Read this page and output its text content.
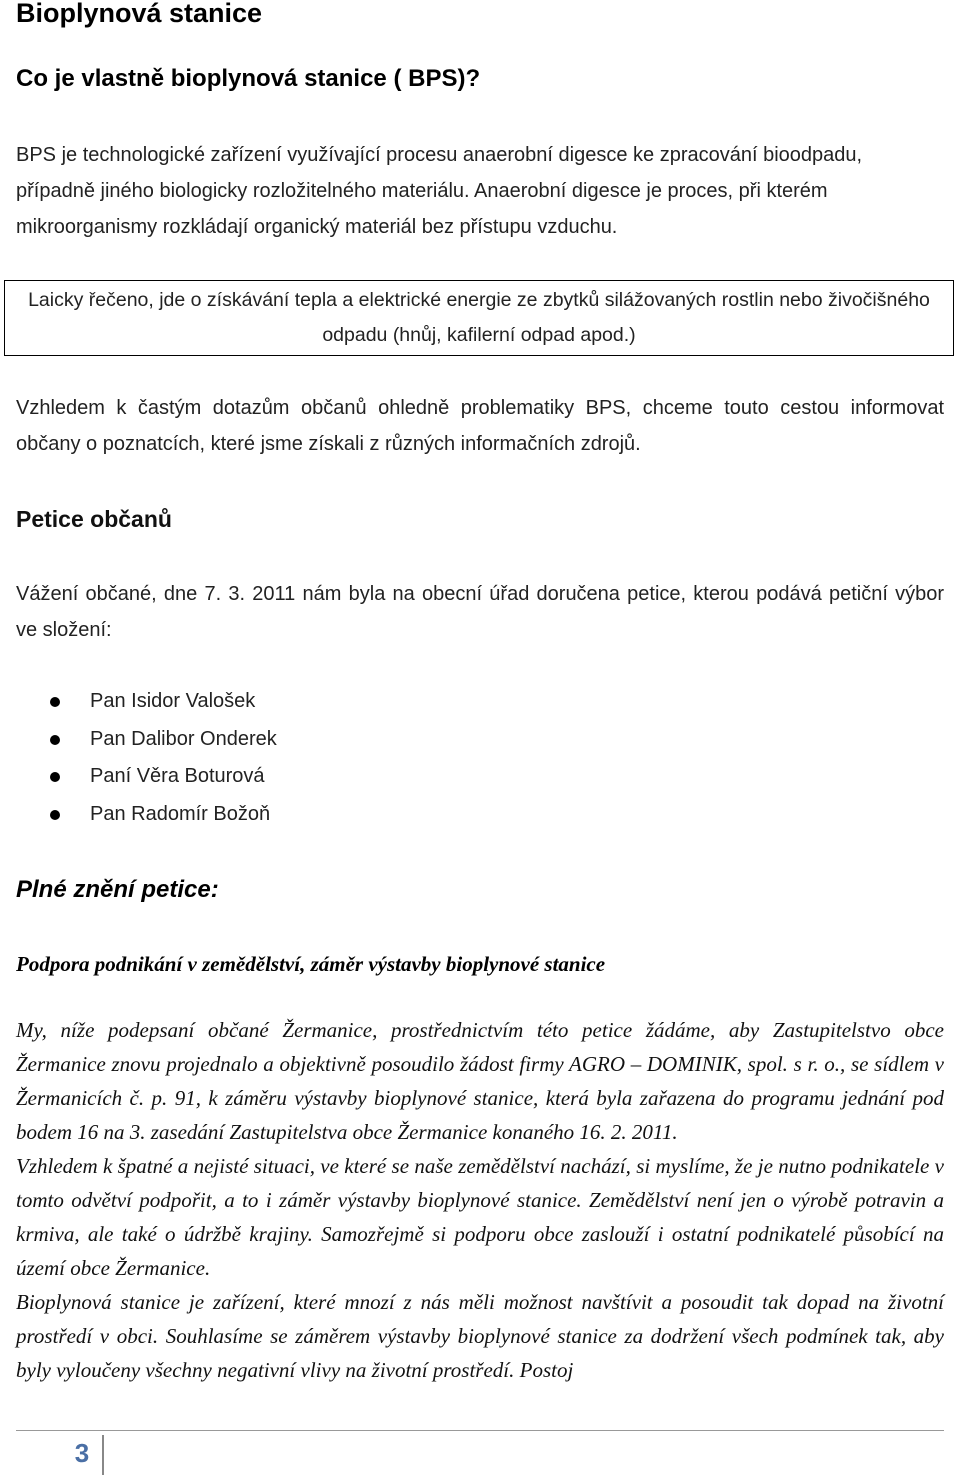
Bioplynová stanice
Co je vlastně bioplynová stanice ( BPS)?

BPS je technologické zařízení využívající procesu anaerobní digesce ke zpracování bioodpadu, případně jiného biologicky rozložitelného materiálu. Anaerobní digesce je proces, při kterém mikroorganismy rozkládají organický materiál bez přístupu vzduchu.

Laicky řečeno, jde o získávání tepla a elektrické energie ze zbytků silážovaných rostlin nebo živočišného odpadu (hnůj, kafilerní odpad apod.)

Vzhledem k častým dotazům občanů ohledně problematiky BPS, chceme touto cestou informovat občany o poznatcích, které jsme získali z různých informačních zdrojů.

Petice občanů

Vážení občané, dne 7. 3. 2011 nám byla na obecní úřad doručena petice, kterou podává petiční výbor ve složení:

Pan Isidor Valošek
Pan Dalibor Onderek
Paní Věra Boturová
Pan Radomír Božoň
Plné znění petice:
Podpora podnikání v zemědělství, záměr výstavby bioplynové stanice

My, níže podepsaní občané Žermanice, prostřednictvím této petice žádáme, aby Zastupitelstvo obce Žermanice znovu projednalo a objektivně posoudilo žádost firmy AGRO – DOMINIK, spol. s r. o., se sídlem v Žermanicích č. p. 91, k záměru výstavby bioplynové stanice, která byla zařazena do programu jednání pod bodem 16 na 3. zasedání Zastupitelstva obce Žermanice konaného 16. 2. 2011.

Vzhledem k špatné a nejisté situaci, ve které se naše zemědělství nachází, si myslíme, že je nutno podnikatele v tomto odvětví podpořit, a to i záměr výstavby bioplynové stanice. Zemědělství není jen o výrobě potravin a krmiva, ale také o údržbě krajiny. Samozřejmě si podporu obce zaslouží i ostatní podnikatelé působící na území obce Žermanice.

Bioplynová stanice je zařízení, které mnozí z nás měli možnost navštívit a posoudit tak dopad na životní prostředí v obci. Souhlasíme se záměrem výstavby bioplynové stanice za dodržení všech podmínek tak, aby byly vyloučeny všechny negativní vlivy na životní prostředí. Postoj

3
